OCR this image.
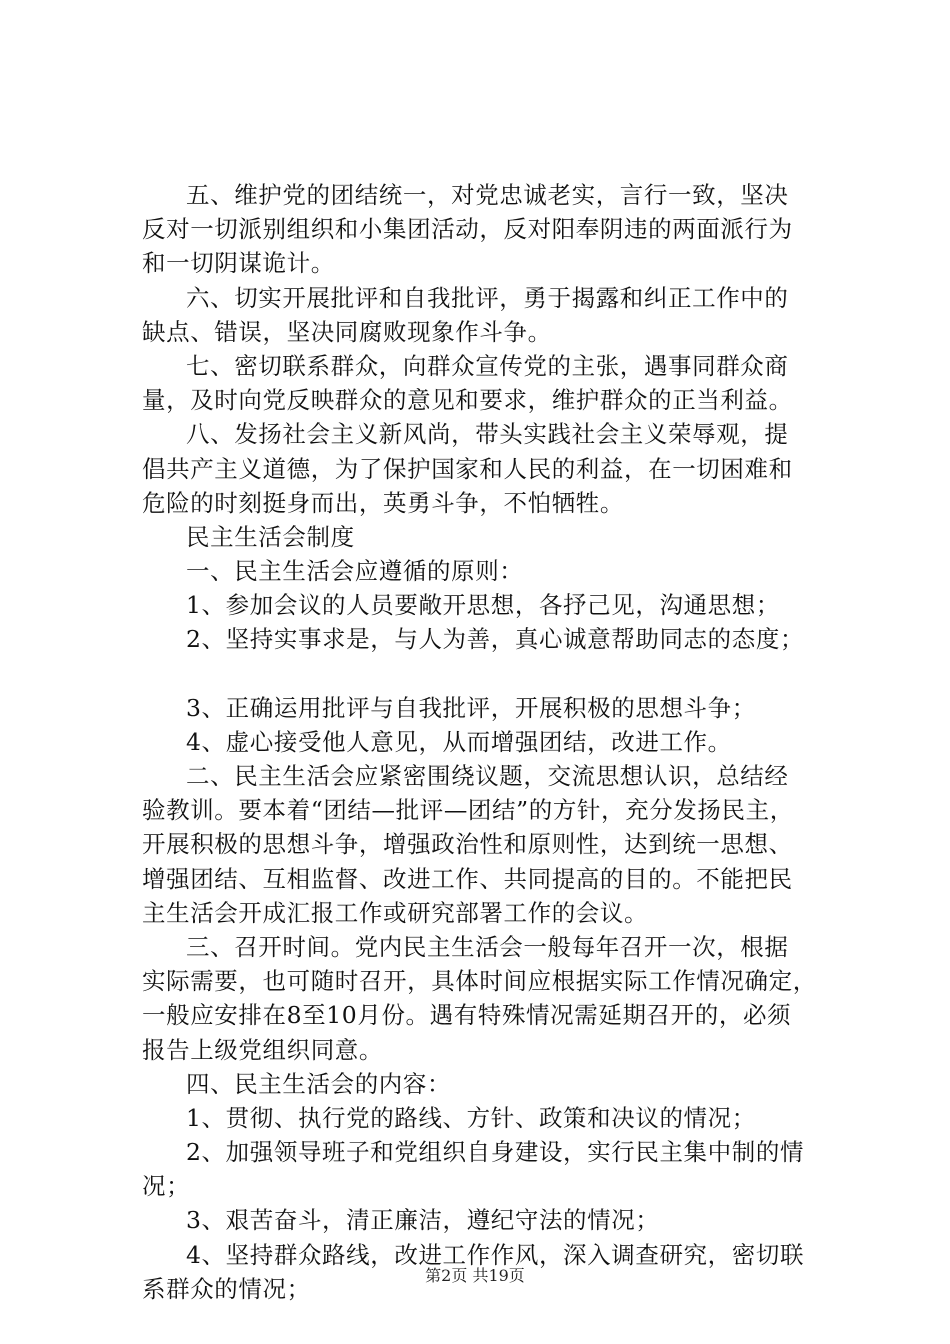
五、维护党的团结统一，对党忠诚老实，言行一致，坚决
反对一切派别组织和小集团活动，反对阳奉阴违的两面派行为
和一切阴谋诡计。

六、切实开展批评和自我批评，勇于揭露和纠正工作中的
缺点、错误，坚决同腐败现象作斗争。

七、密切联系群众，向群众宣传党的主张，遇事同群众商
量，及时向党反映群众的意见和要求，维护群众的正当利益。

八、发扬社会主义新风尚，带头实践社会主义荣辱观，提
倡共产主义道德，为了保护国家和人民的利益，在一切困难和
危险的时刻挺身而出，英勇斗争，不怕牺牲。

民主生活会制度

一、民主生活会应遵循的原则：

1、参加会议的人员要敞开思想，各抒己见，沟通思想；

2、坚持实事求是，与人为善，真心诚意帮助同志的态度；

3、正确运用批评与自我批评，开展积极的思想斗争；

4、虚心接受他人意见，从而增强团结，改进工作。

二、民主生活会应紧密围绕议题，交流思想认识，总结经
验教训。要本着“团结—批评—团结”的方针，充分发扬民主，
开展积极的思想斗争，增强政治性和原则性，达到统一思想、
增强团结、互相监督、改进工作、共同提高的目的。不能把民
主生活会开成汇报工作或研究部署工作的会议。

三、召开时间。党内民主生活会一般每年召开一次，根据
实际需要，也可随时召开，具体时间应根据实际工作情况确定，
一般应安排在8至10月份。遇有特殊情况需延期召开的，必须
报告上级党组织同意。

四、民主生活会的内容：

1、贯彻、执行党的路线、方针、政策和决议的情况；

2、加强领导班子和党组织自身建设，实行民主集中制的情
况；

3、艰苦奋斗，清正廉洁，遵纪守法的情况；

4、坚持群众路线，改进工作作风，深入调查研究，密切联
系群众的情况；	第2页 共19页
